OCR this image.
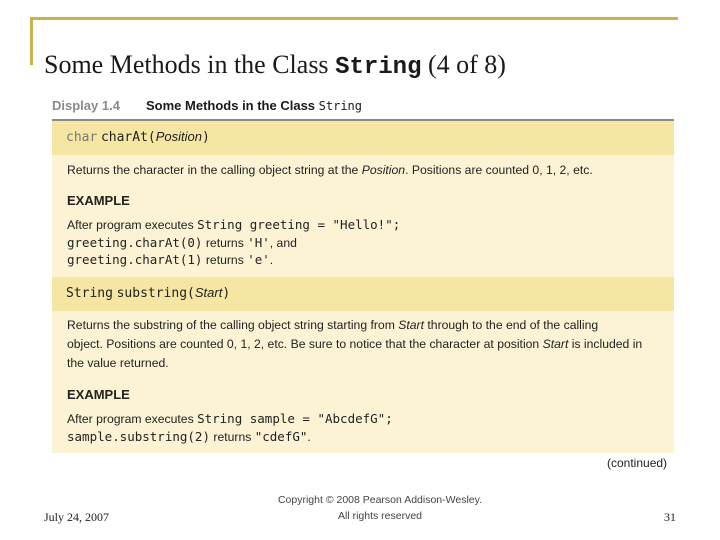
Some Methods in the Class String (4 of 8)
Display 1.4 Some Methods in the Class String
char charAt(Position)
Returns the character in the calling object string at the Position. Positions are counted 0, 1, 2, etc.
EXAMPLE
After program executes String greeting = "Hello!";
greeting.charAt(0) returns 'H', and
greeting.charAt(1) returns 'e'.
String substring(Start)
Returns the substring of the calling object string starting from Start through to the end of the calling
object. Positions are counted 0, 1, 2, etc. Be sure to notice that the character at position Start is included in
the value returned.
EXAMPLE
After program executes String sample = "AbcdefG";
sample.substring(2) returns "cdefG".
(continued)
July 24, 2007
Copyright © 2008 Pearson Addison-Wesley.
All rights reserved	31
